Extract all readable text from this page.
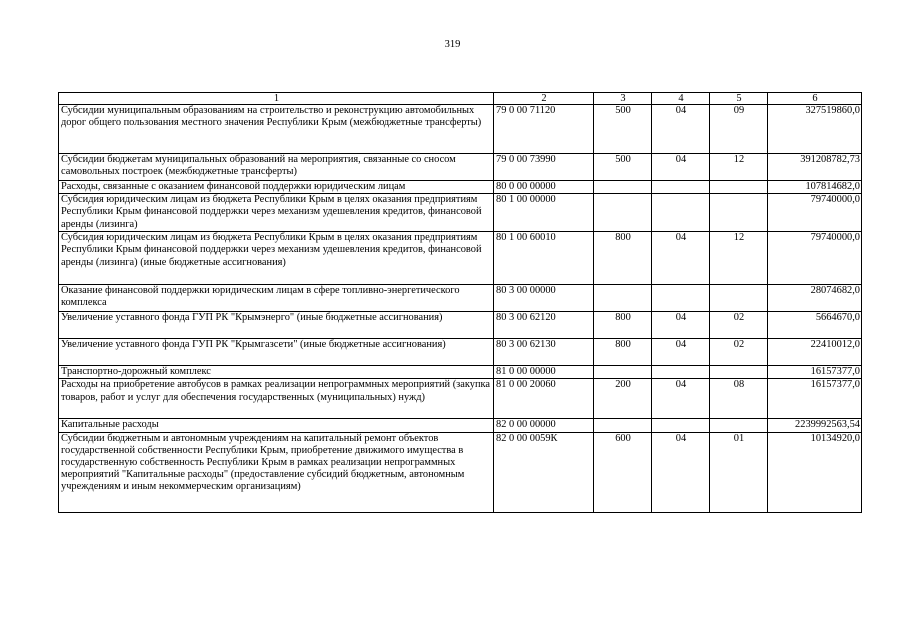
319
1	2	3	4	5	6
Субсидии муниципальным образованиям на строительство и реконструкцию автомобильных дорог общего пользования местного значения Республики Крым (межбюджетные трансферты)	79 0 00 71120	500	04	09	327519860,0
Субсидии бюджетам муниципальных образований на мероприятия, связанные со сносом самовольных построек (межбюджетные трансферты)	79 0 00 73990	500	04	12	391208782,73
Расходы, связанные с оказанием финансовой поддержки юридическим лицам	80 0 00 00000				107814682,0
Субсидия юридическим лицам из бюджета Республики Крым в целях оказания предприятиям Республики Крым финансовой поддержки через механизм удешевления кредитов, финансовой аренды (лизинга)	80 1 00 00000				79740000,0
Субсидия юридическим лицам из бюджета Республики Крым в целях оказания предприятиям Республики Крым финансовой поддержки через механизм удешевления кредитов, финансовой аренды (лизинга) (иные бюджетные ассигнования)	80 1 00 60010	800	04	12	79740000,0
Оказание финансовой поддержки юридическим лицам в сфере топливно-энергетического комплекса	80 3 00 00000				28074682,0
Увеличение уставного фонда ГУП РК "Крымэнерго" (иные бюджетные ассигнования)	80 3 00 62120	800	04	02	5664670,0
Увеличение уставного фонда ГУП РК "Крымгазсети" (иные бюджетные ассигнования)	80 3 00 62130	800	04	02	22410012,0
Транспортно-дорожный комплекс	81 0 00 00000				16157377,0
Расходы на приобретение автобусов в рамках реализации непрограммных мероприятий (закупка товаров, работ и услуг для обеспечения государственных (муниципальных) нужд)	81 0 00 20060	200	04	08	16157377,0
Капитальные расходы	82 0 00 00000				2239992563,54
Субсидии бюджетным и автономным учреждениям на капитальный ремонт объектов государственной собственности Республики Крым, приобретение движимого имущества в государственную собственность Республики Крым в рамках реализации непрограммных мероприятий "Капитальные расходы" (предоставление субсидий бюджетным, автономным учреждениям и иным некоммерческим организациям)	82 0 00 0059К	600	04	01	10134920,0
